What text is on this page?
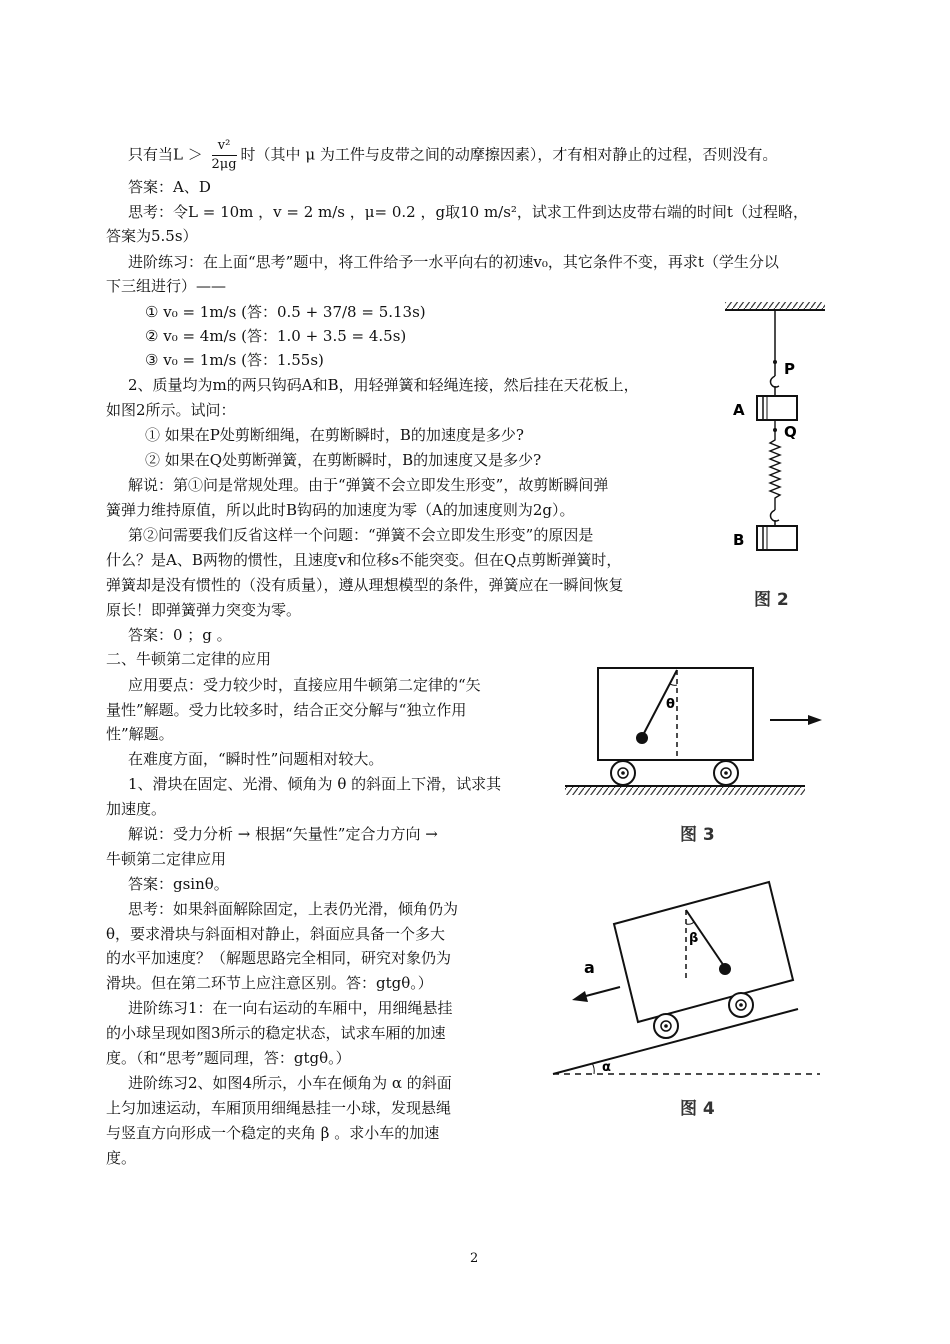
只有当$L > \frac{\text{v²}}{2\mu g}$ 时（其中 μ 为工件与皮带之间的动摩擦因素），才有相对静止的过程，否则没有。
答案：A、D
思考：令L = 10m ，v = 2 m/s ，μ= 0.2 ，g取10 m/s²，试求工件到达皮带右端的时间t（过程略，
答案为5.5s）
进阶练习：在上面“思考”题中，将工件给予一水平向右的初速v₀，其它条件不变，再求t（学生分以
下三组进行）——
① v₀ = 1m/s (答：0.5 + 37/8 = 5.13s)
② v₀ = 4m/s (答：1.0 + 3.5 = 4.5s)
③ v₀ = 1m/s (答：1.55s)
2、质量均为m的两只钩码A和B，用轻弹簧和轻绳连接，然后挂在天花板上，
如图2所示。试问：
① 如果在P处剪断细绳，在剪断瞬时，B的加速度是多少?
② 如果在Q处剪断弹簧，在剪断瞬时，B的加速度又是多少?
解说：第①问是常规处理。由于“弹簧不会立即发生形变”，故剪断瞬间弹
簧弹力维持原值，所以此时B钩码的加速度为零（A的加速度则为2g）。
第②问需要我们反省这样一个问题：“弹簧不会立即发生形变”的原因是
什么？是A、B两物的惯性，且速度v和位移s不能突变。但在Q点剪断弹簧时，
弹簧却是没有惯性的（没有质量），遵从理想模型的条件，弹簧应在一瞬间恢复
原长！即弹簧弹力突变为零。
答案：0 ；g 。
二、牛顿第二定律的应用
应用要点：受力较少时，直接应用牛顿第二定律的“矢
量性”解题。受力比较多时，结合正交分解与“独立作用
性”解题。
在难度方面，“瞬时性”问题相对较大。
1、滑块在固定、光滑、倾角为 θ 的斜面上下滑，试求其
加速度。
解说：受力分析 → 根据“矢量性”定合力方向 →
牛顿第二定律应用
答案：gsinθ。
思考：如果斜面解除固定，上表仍光滑，倾角仍为
θ，要求滑块与斜面相对静止，斜面应具备一个多大
的水平加速度？（解题思路完全相同，研究对象仍为
滑块。但在第二环节上应注意区别。答：gtgθ。）
进阶练习1：在一向右运动的车厢中，用细绳悬挂
的小球呈现如图3所示的稳定状态，试求车厢的加速
度。（和“思考”题同理，答：gtgθ。）
进阶练习2、如图4所示，小车在倾角为 α 的斜面
上匀加速运动，车厢顶用细绳悬挂一小球，发现悬绳
与竖直方向形成一个稳定的夹角 β 。求小车的加速
度。
P
A
Q
B
图 2
θ
图 3
β
a
α
图 4
2
